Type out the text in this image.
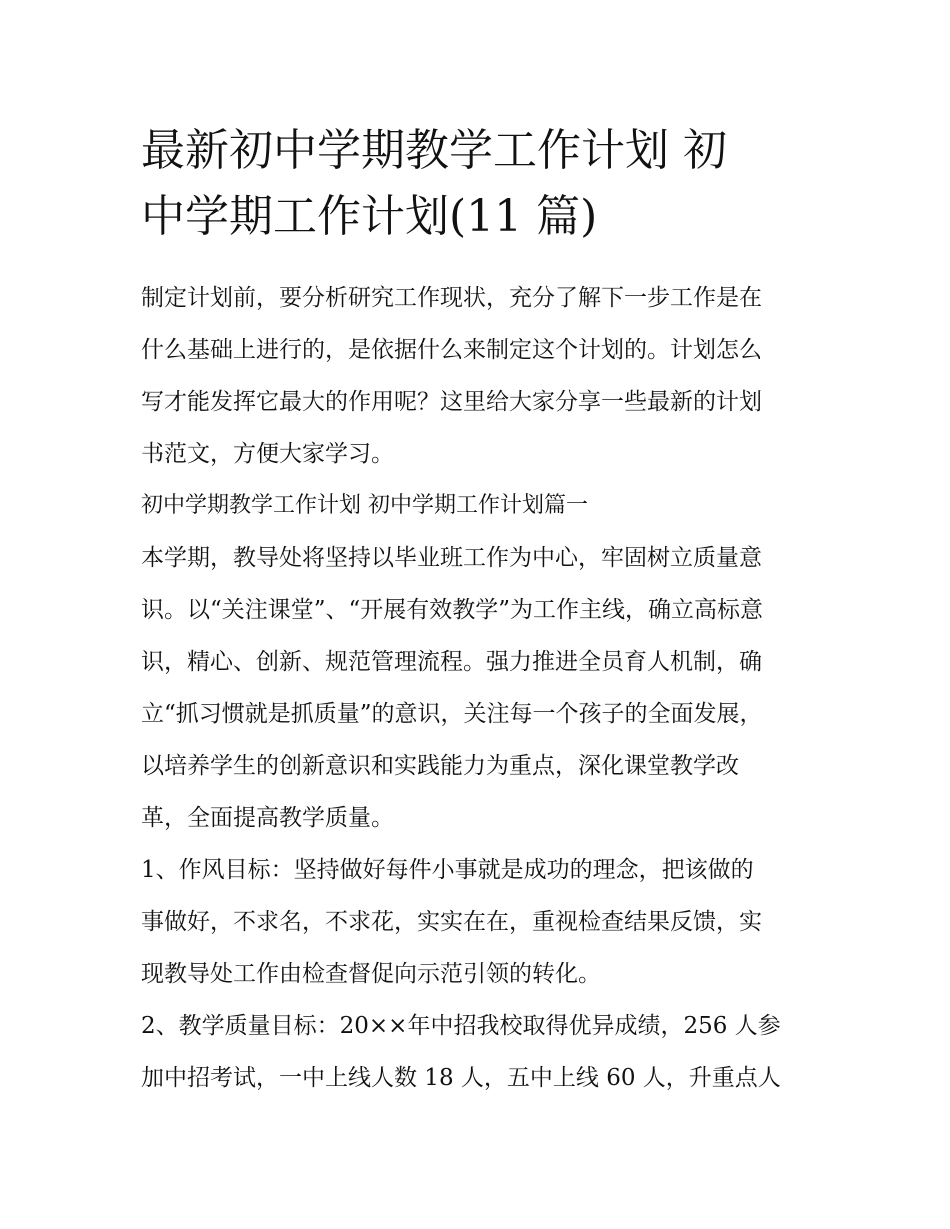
最新初中学期教学工作计划 初
中学期工作计划(11 篇)
制定计划前，要分析研究工作现状，充分了解下一步工作是在
什么基础上进行的，是依据什么来制定这个计划的。计划怎么
写才能发挥它最大的作用呢？这里给大家分享一些最新的计划
书范文，方便大家学习。
初中学期教学工作计划 初中学期工作计划篇一
本学期，教导处将坚持以毕业班工作为中心，牢固树立质量意
识。以“关注课堂”、“开展有效教学”为工作主线，确立高标意
识，精心、创新、规范管理流程。强力推进全员育人机制，确
立“抓习惯就是抓质量”的意识，关注每一个孩子的全面发展，
以培养学生的创新意识和实践能力为重点，深化课堂教学改
革，全面提高教学质量。
1、作风目标：坚持做好每件小事就是成功的理念，把该做的
事做好，不求名，不求花，实实在在，重视检查结果反馈，实
现教导处工作由检查督促向示范引领的转化。
2、教学质量目标：20××年中招我校取得优异成绩，256 人参
加中招考试，一中上线人数 18 人，五中上线 60 人，升重点人
